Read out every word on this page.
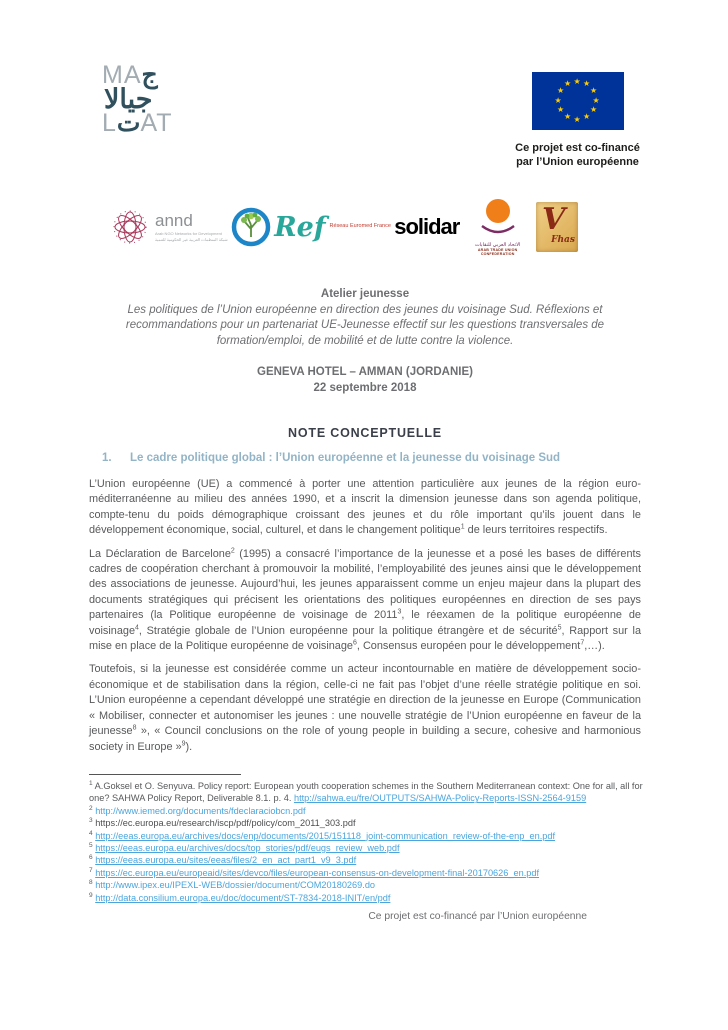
MAج
جيالا
LتAT
★ ★
★
★
★
★
★
★
★
★
★
★
Ce projet est co-financé
par l’Union européenne
annd
Arab NGO Networks for Development
شبكة المنظمات العربية غير الحكومية للتنمية Ref Réseau Euromed France solidar
الاتحاد العربي للنقابات
ARAB TRADE UNION CONFEDERATION
V
Fhas
Atelier jeunesse
Les politiques de l’Union européenne en direction des jeunes du voisinage Sud. Réflexions et recommandations pour un partenariat UE-Jeunesse effectif sur les questions transversales de formation/emploi, de mobilité et de lutte contre la violence.
GENEVA HOTEL – AMMAN (JORDANIE)
22 septembre 2018
NOTE CONCEPTUELLE
1.	Le cadre politique global : l’Union européenne et la jeunesse du voisinage Sud

L’Union européenne (UE) a commencé à porter une attention particulière aux jeunes de la région euro-méditerranéenne au milieu des années 1990, et a inscrit la dimension jeunesse dans son agenda politique, compte-tenu du poids démographique croissant des jeunes et du rôle important qu’ils jouent dans le développement économique, social, culturel, et dans le changement politique$^1$ de leurs territoires respectifs.

La Déclaration de Barcelone$^2$ (1995) a consacré l’importance de la jeunesse et a posé les bases de différents cadres de coopération cherchant à promouvoir la mobilité, l’employabilité des jeunes ainsi que le développement des associations de jeunesse. Aujourd’hui, les jeunes apparaissent comme un enjeu majeur dans la plupart des documents stratégiques qui précisent les orientations des politiques européennes en direction de ses pays partenaires (la Politique européenne de voisinage de 2011$^3$, le réexamen de la politique européenne de voisinage$^4$, Stratégie globale de l’Union européenne pour la politique étrangère et de sécurité$^5$, Rapport sur la mise en place de la Politique européenne de voisinage$^6$, Consensus européen pour le développement$^7$,…).

Toutefois, si la jeunesse est considérée comme un acteur incontournable en matière de développement socio-économique et de stabilisation dans la région, celle-ci ne fait pas l’objet d’une réelle stratégie politique en soi. L’Union européenne a cependant développé une stratégie en direction de la jeunesse en Europe (Communication « Mobiliser, connecter et autonomiser les jeunes : une nouvelle stratégie de l’Union européenne en faveur de la jeunesse$^8$ », « Council conclusions on the role of young people in building a secure, cohesive and harmonious society in Europe »$^9$).

$^1$ A.Goksel et O. Senyuva. Policy report: European youth cooperation schemes in the Southern Mediterranean context: One for all, all for one? SAHWA Policy Report, Deliverable 8.1. p. 4. http://sahwa.eu/fre/OUTPUTS/SAHWA-Policy-Reports-ISSN-2564-9159
$^2$ http://www.iemed.org/documents/fdeclaraciobcn.pdf
$^3$ https://ec.europa.eu/research/iscp/pdf/policy/com_2011_303.pdf
$^4$ http://eeas.europa.eu/archives/docs/enp/documents/2015/151118_joint-communication_review-of-the-enp_en.pdf
$^5$ https://eeas.europa.eu/archives/docs/top_stories/pdf/eugs_review_web.pdf
$^6$ https://eeas.europa.eu/sites/eeas/files/2_en_act_part1_v9_3.pdf
$^7$ https://ec.europa.eu/europeaid/sites/devco/files/european-consensus-on-development-final-20170626_en.pdf
$^8$ http://www.ipex.eu/IPEXL-WEB/dossier/document/COM20180269.do
$^9$ http://data.consilium.europa.eu/doc/document/ST-7834-2018-INIT/en/pdf
Ce projet est co-financé par l’Union européenne
